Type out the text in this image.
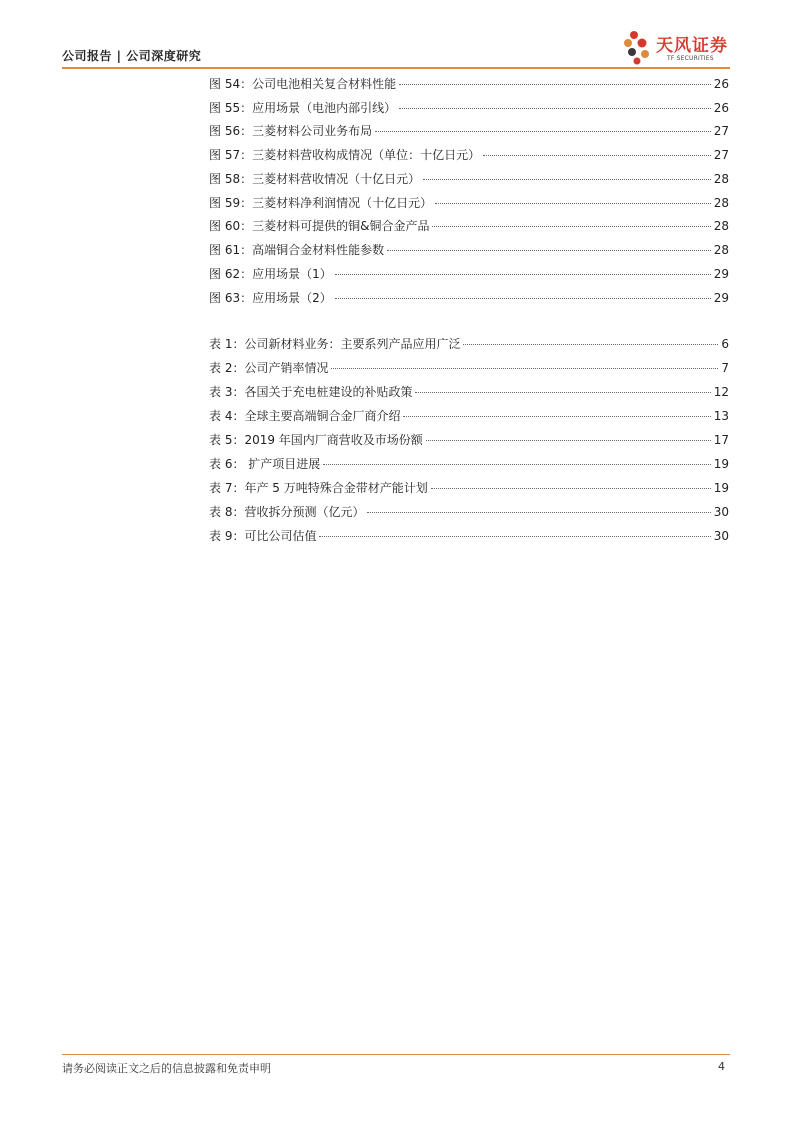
公司报告 | 公司深度研究	天风证券
TF SECURITIES
图 54：公司电池相关复合材料性能	26
图 55：应用场景（电池内部引线）	26
图 56：三菱材料公司业务布局	27
图 57：三菱材料营收构成情况（单位：十亿日元）	27
图 58：三菱材料营收情况（十亿日元）	28
图 59：三菱材料净利润情况（十亿日元）	28
图 60：三菱材料可提供的铜&铜合金产品	28
图 61：高端铜合金材料性能参数	28
图 62：应用场景（1）	29
图 63：应用场景（2）	29
表 1：公司新材料业务：主要系列产品应用广泛	6
表 2：公司产销率情况	7
表 3：各国关于充电桩建设的补贴政策	12
表 4：全球主要高端铜合金厂商介绍	13
表 5：2019 年国内厂商营收及市场份额	17
表 6： 扩产项目进展	19
表 7：年产 5 万吨特殊合金带材产能计划	19
表 8：营收拆分预测（亿元）	30
表 9：可比公司估值	30
请务必阅读正文之后的信息披露和免责申明	4
